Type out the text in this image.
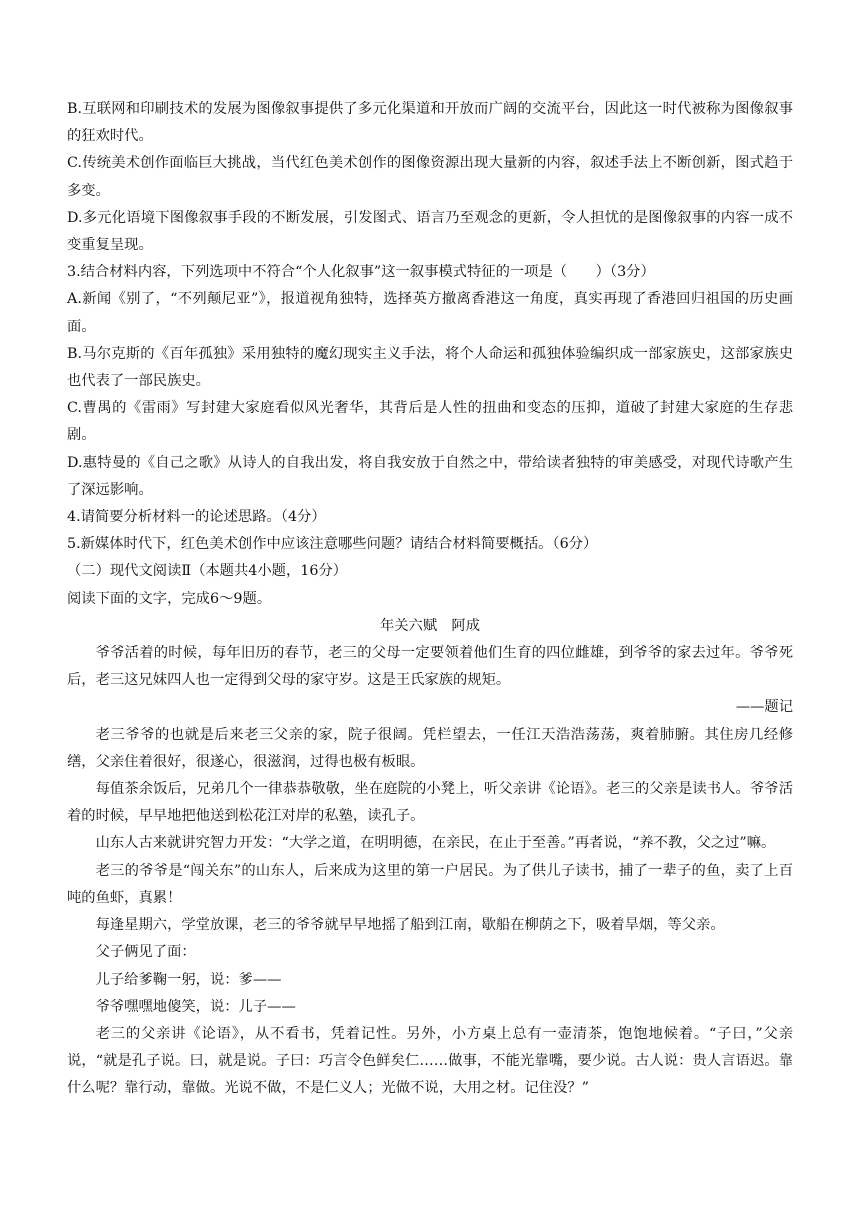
B.互联网和印刷技术的发展为图像叙事提供了多元化渠道和开放而广阔的交流平台，因此这一时代被称为图像叙事的狂欢时代。

C.传统美术创作面临巨大挑战，当代红色美术创作的图像资源出现大量新的内容，叙述手法上不断创新，图式趋于多变。

D.多元化语境下图像叙事手段的不断发展，引发图式、语言乃至观念的更新，令人担忧的是图像叙事的内容一成不变重复呈现。

3.结合材料内容，下列选项中不符合“个人化叙事”这一叙事模式特征的一项是（　　）（3分）

A.新闻《别了，“不列颠尼亚”》，报道视角独特，选择英方撤离香港这一角度，真实再现了香港回归祖国的历史画面。

B.马尔克斯的《百年孤独》采用独特的魔幻现实主义手法，将个人命运和孤独体验编织成一部家族史，这部家族史也代表了一部民族史。

C.曹禺的《雷雨》写封建大家庭看似风光奢华，其背后是人性的扭曲和变态的压抑，道破了封建大家庭的生存悲剧。

D.惠特曼的《自己之歌》从诗人的自我出发，将自我安放于自然之中，带给读者独特的审美感受，对现代诗歌产生了深远影响。

4.请简要分析材料一的论述思路。（4分）

5.新媒体时代下，红色美术创作中应该注意哪些问题？请结合材料简要概括。（6分）

（二）现代文阅读Ⅱ（本题共4小题，16分）

阅读下面的文字，完成6～9题。

年关六赋　阿成

爷爷活着的时候，每年旧历的春节，老三的父母一定要领着他们生育的四位雌雄，到爷爷的家去过年。爷爷死后，老三这兄妹四人也一定得到父母的家守岁。这是王氏家族的规矩。

——题记

老三爷爷的也就是后来老三父亲的家，院子很阔。凭栏望去，一任江天浩浩荡荡，爽着肺腑。其住房几经修缮，父亲住着很好，很遂心，很滋润，过得也极有板眼。

每值茶余饭后，兄弟几个一律恭恭敬敬，坐在庭院的小凳上，听父亲讲《论语》。老三的父亲是读书人。爷爷活着的时候，早早地把他送到松花江对岸的私塾，读孔子。

山东人古来就讲究智力开发：“大学之道，在明明德，在亲民，在止于至善。”再者说，“养不教，父之过”嘛。

老三的爷爷是“闯关东”的山东人，后来成为这里的第一户居民。为了供儿子读书，捕了一辈子的鱼，卖了上百吨的鱼虾，真累！

每逢星期六，学堂放课，老三的爷爷就早早地摇了船到江南，歇船在柳荫之下，吸着旱烟，等父亲。

父子俩见了面：

儿子给爹鞠一躬，说：爹——

爷爷嘿嘿地傻笑，说：儿子——

老三的父亲讲《论语》，从不看书，凭着记性。另外，小方桌上总有一壶清茶，饱饱地候着。“子曰，”父亲说，“就是孔子说。曰，就是说。子曰：巧言令色鲜矣仁……做事，不能光靠嘴，要少说。古人说：贵人言语迟。靠什么呢？靠行动，靠做。光说不做，不是仁义人；光做不说，大用之材。记住没？”
